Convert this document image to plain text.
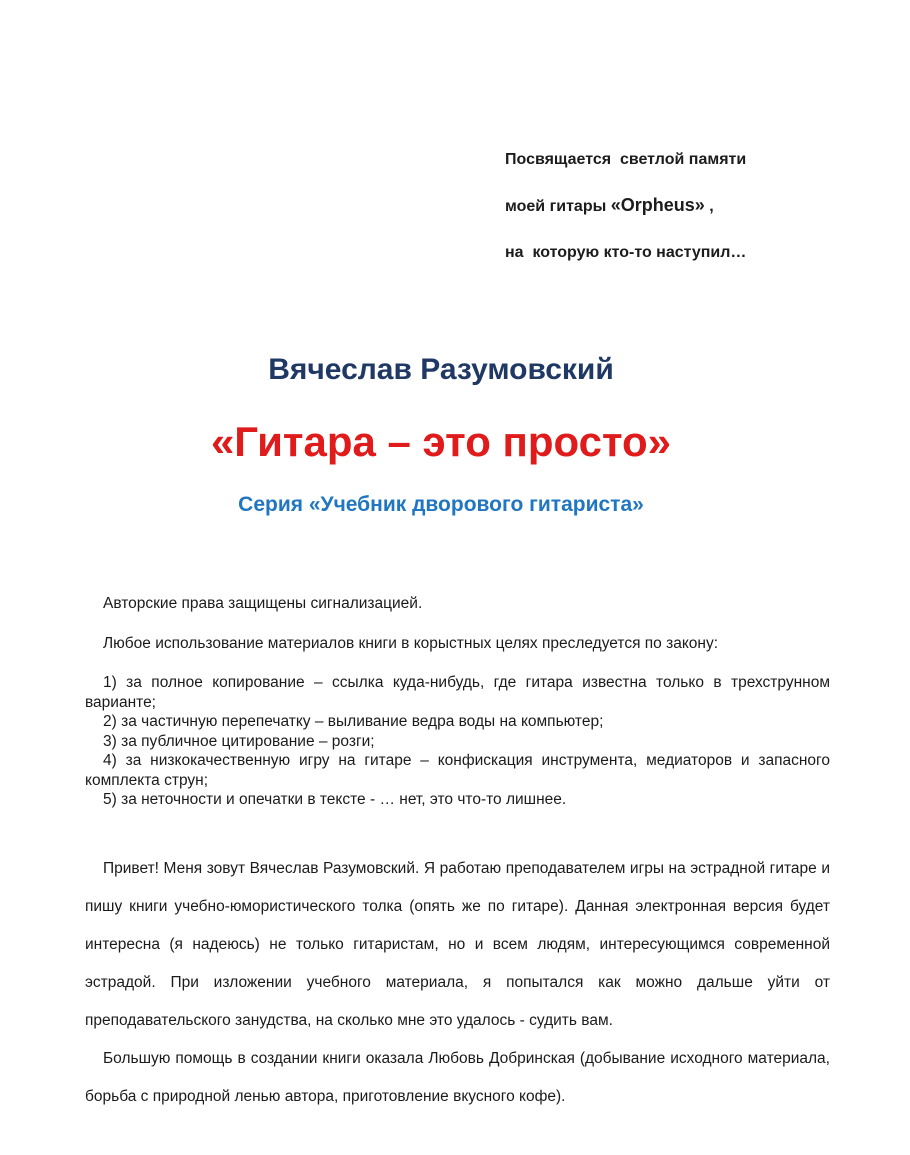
Посвящается  светлой памяти

моей гитары «Orpheus» ,

на  которую кто-то наступил…

Вячеслав Разумовский

«Гитара – это просто»

Серия «Учебник дворового гитариста»

Авторские права защищены сигнализацией.

Любое использование материалов книги в корыстных целях преследуется по закону:

1) за полное копирование – ссылка куда-нибудь, где гитара известна только в трехструнном варианте;

2) за частичную перепечатку – выливание ведра воды на компьютер;

3) за публичное цитирование – розги;

4) за низкокачественную игру на гитаре – конфискация инструмента, медиаторов и запасного комплекта струн;

5) за неточности и опечатки в тексте - … нет, это что-то лишнее.

Привет! Меня зовут Вячеслав Разумовский. Я работаю преподавателем игры на эстрадной гитаре и пишу книги учебно-юмористического толка (опять же по гитаре). Данная электронная версия будет интересна (я надеюсь) не только гитаристам, но и всем людям, интересующимся современной эстрадой. При изложении учебного материала, я попытался как можно дальше уйти от преподавательского занудства, на сколько мне это удалось - судить вам.

Большую помощь в создании книги оказала Любовь Добринская (добывание исходного материала, борьба с природной ленью автора, приготовление вкусного кофе).
